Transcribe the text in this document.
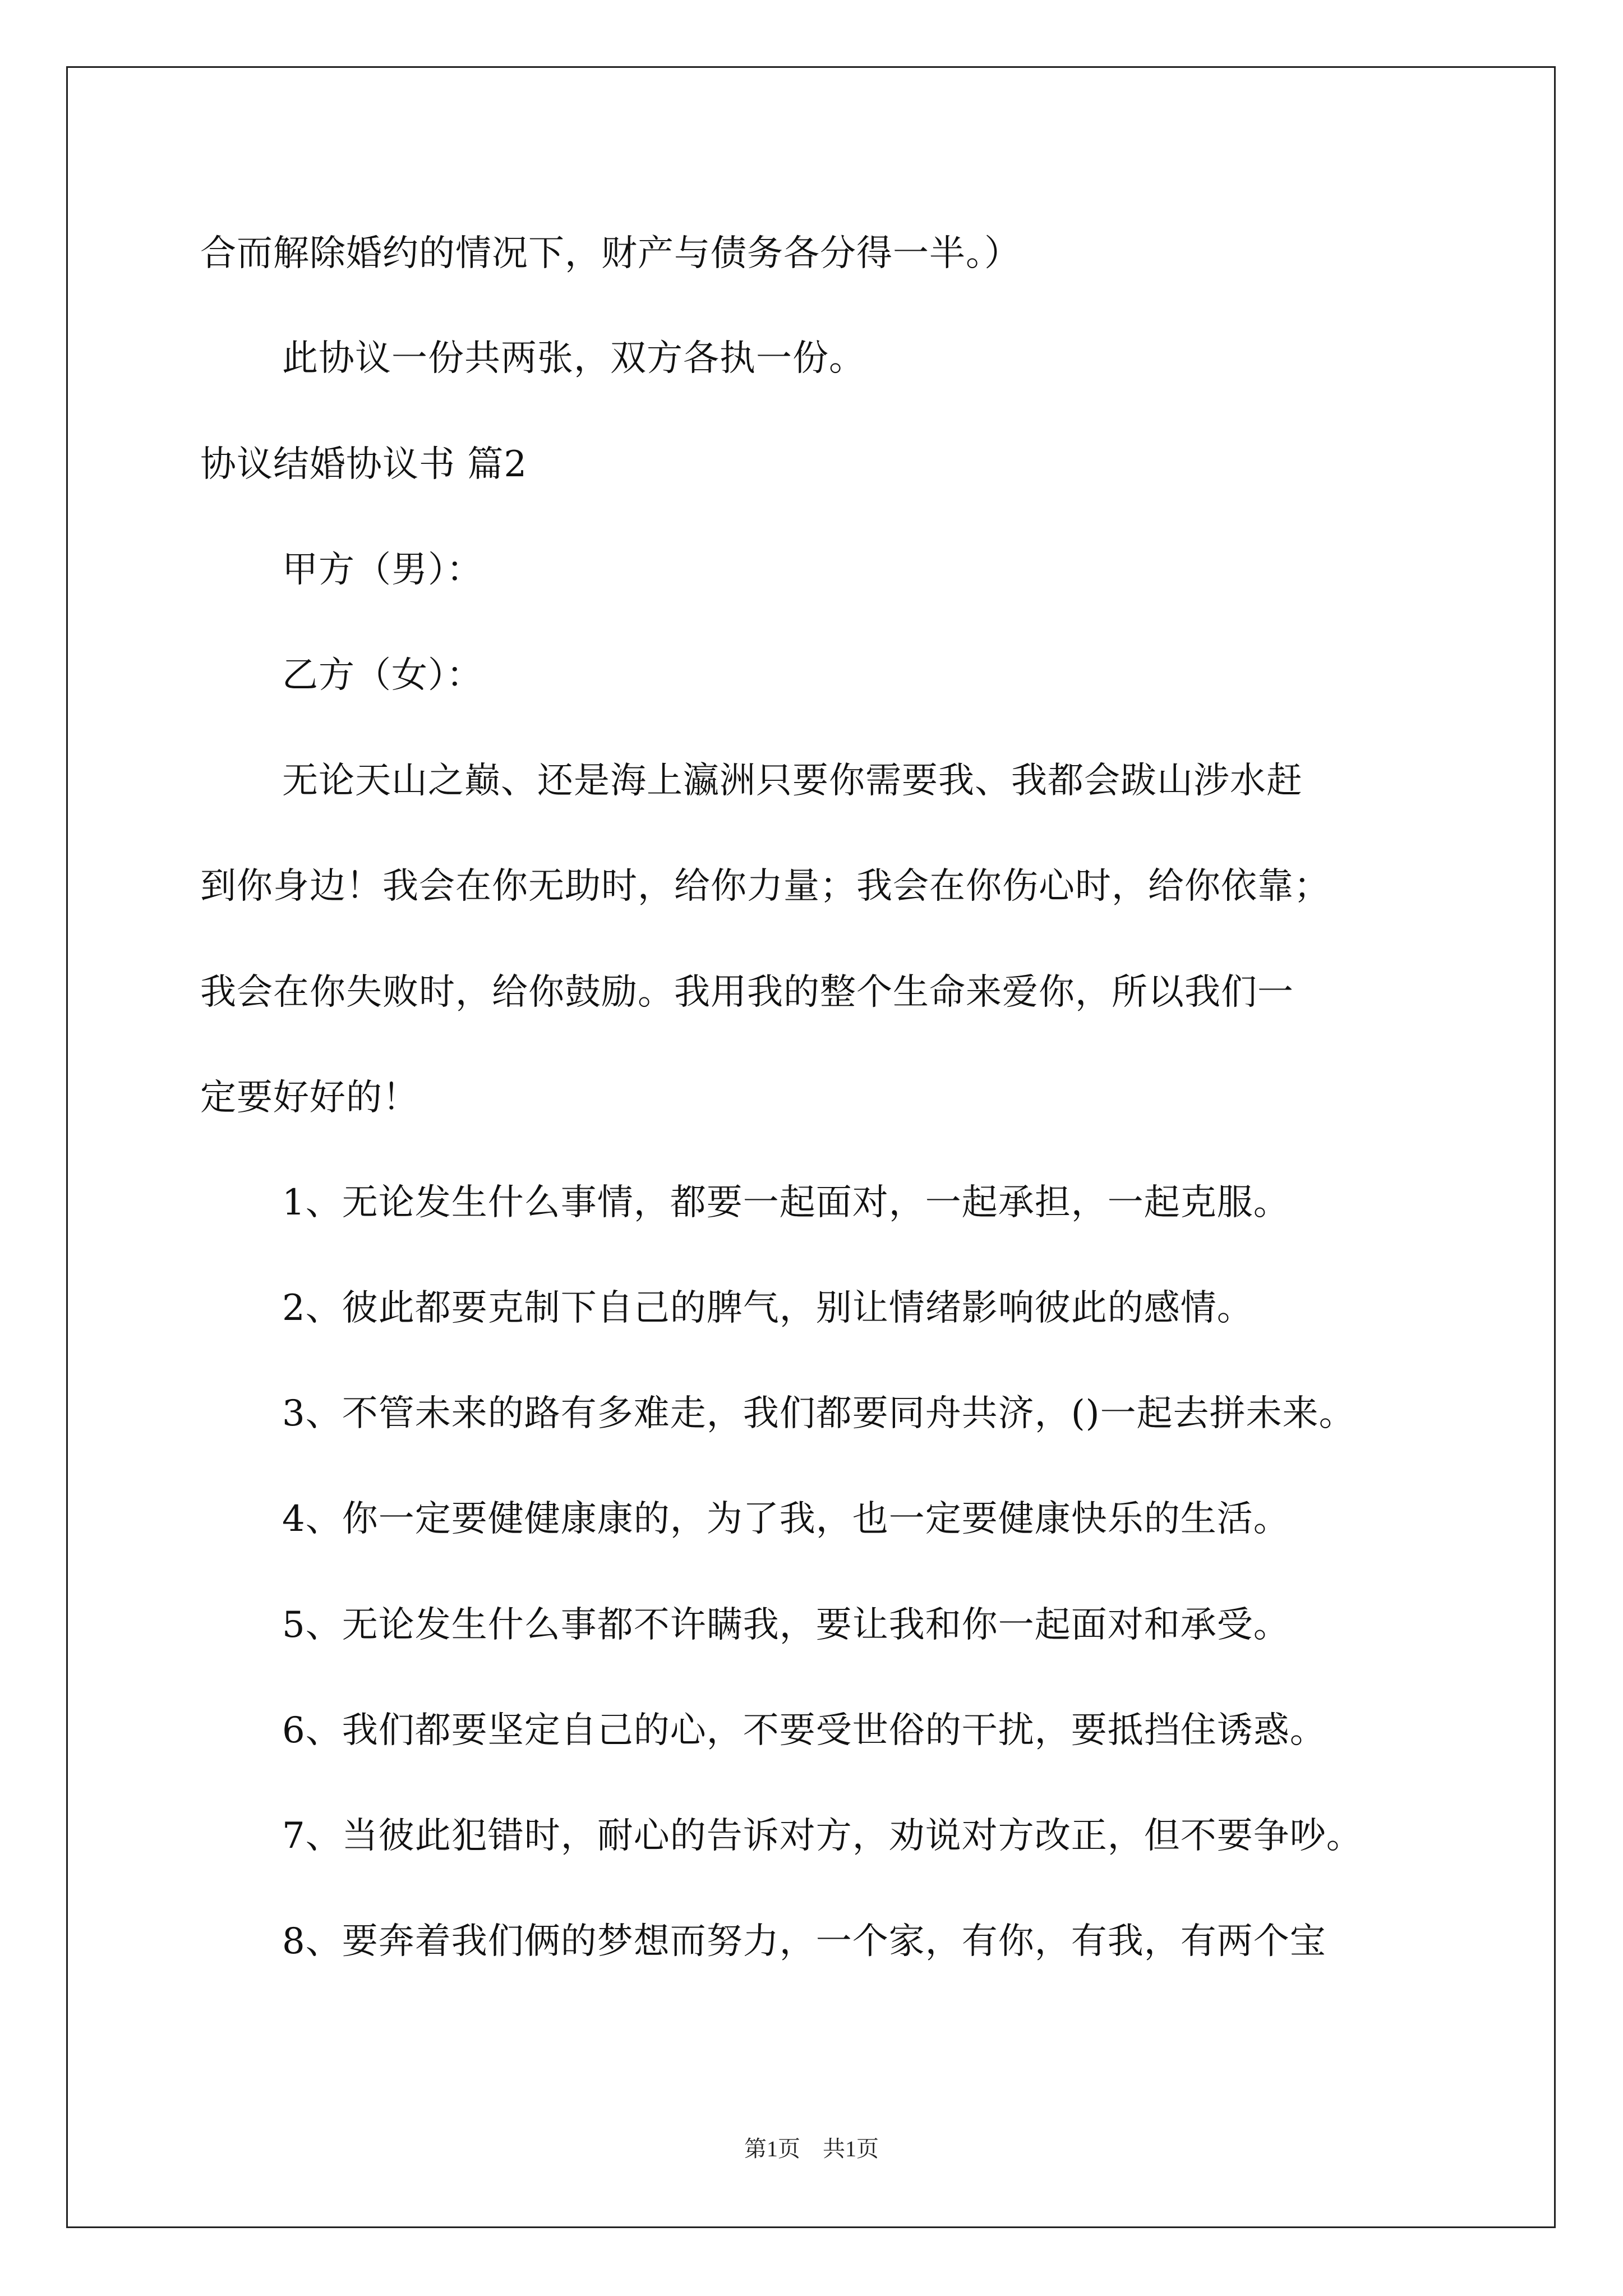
合而解除婚约的情况下，财产与债务各分得一半。）
此协议一份共两张，双方各执一份。
协议结婚协议书 篇2
甲方（男）：
乙方（女）：
无论天山之巅、还是海上瀛洲只要你需要我、我都会跋山涉水赶
到你身边！我会在你无助时，给你力量；我会在你伤心时，给你依靠；
我会在你失败时，给你鼓励。我用我的整个生命来爱你，所以我们一
定要好好的！
1、无论发生什么事情，都要一起面对，一起承担，一起克服。
2、彼此都要克制下自己的脾气，别让情绪影响彼此的感情。
3、不管未来的路有多难走，我们都要同舟共济，()一起去拼未来。
4、你一定要健健康康的，为了我，也一定要健康快乐的生活。
5、无论发生什么事都不许瞒我，要让我和你一起面对和承受。
6、我们都要坚定自己的心，不要受世俗的干扰，要抵挡住诱惑。
7、当彼此犯错时，耐心的告诉对方，劝说对方改正，但不要争吵。
8、要奔着我们俩的梦想而努力，一个家，有你，有我，有两个宝
第1页　共1页
